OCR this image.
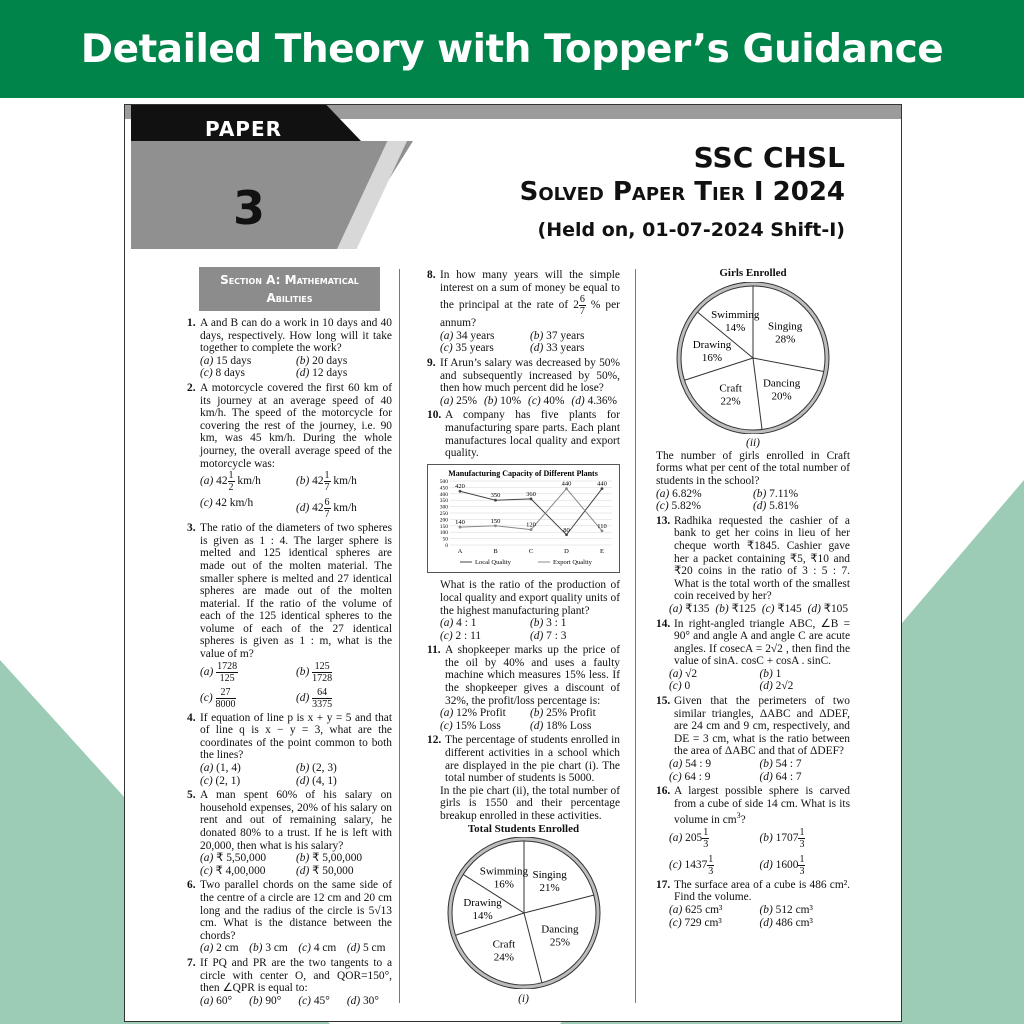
Detailed Theory with Topper’s Guidance
PAPER
3
SSC CHSL
Solved Paper Tier I 2024
(Held on, 01-07-2024 Shift-I)
Section A: Mathematical Abilities
1. A and B can do a work in 10 days and 40 days, respectively. How long will it take together to complete the work?
(a) 15 days	(b) 20 days
(c) 8 days	(d) 12 days
2. A motorcycle covered the first 60 km of its journey at an average speed of 40 km/h. The speed of the motorcycle for covering the rest of the journey, i.e. 90 km, was 45 km/h. During the whole journey, the overall average speed of the motorcycle was:
(a) $42 \frac{1}{2} km/h$	(b) $42 \frac{1}{7} km/h$
(c) 42 km/h	(d) $42 \frac{6}{7} km/h$
3. The ratio of the diameters of two spheres is given as 1 : 4. The larger sphere is melted and 125 identical spheres are made out of the molten material. The smaller sphere is melted and 27 identical spheres are made out of the molten material. If the ratio of the volume of each of the 125 identical spheres to the volume of each of the 27 identical spheres is given as 1 : m, what is the value of m?
$(a) \frac{1728}{125}$	$(b) \frac{125}{1728}$
$(c) \frac{27}{8000}$	$(d) \frac{64}{3375}$
4. If equation of line p is x + y = 5 and that of line q is x − y = 3, what are the coordinates of the point common to both the lines?
(a) (1, 4)	(b) (2, 3)
(c) (2, 1)	(d) (4, 1)
5. A man spent 60% of his salary on household expenses, 20% of his salary on rent and out of remaining salary, he donated 80% to a trust. If he is left with 20,000, then what is his salary?
(a) ₹ 5,50,000	(b) ₹ 5,00,000
(c) ₹ 4,00,000	(d) ₹ 50,000
6. Two parallel chords on the same side of the centre of a circle are 12 cm and 20 cm long and the radius of the circle is 5√13 cm. What is the distance between the chords?
(a) 2 cm (b) 3 cm (c) 4 cm (d) 5 cm
7. If PQ and PR are the two tangents to a circle with center O, and QOR=150°, then ∠QPR is equal to:
(a) 60°	(b) 90°	(c) 45°	(d) 30°
8. In how many years will the simple interest on a sum of money be equal to the principal at the rate of $2 \frac{6}{7}$ % per annum?
(a) 34 years	(b) 37 years
(c) 35 years	(d) 33 years
9. If Arun’s salary was decreased by 50% and subsequently increased by 50%, then how much percent did he lose?
(a) 25% (b) 10% (c) 40% (d) 4.36%
10. A company has five plants for manufacturing spare parts. Each plant manufactures local quality and export quality.
Manufacturing Capacity of Different Plants
500
450
400
350
300
250
200
150
100
50
0
A	B	C	D	E
420
350	360
80
440
140	150
120
440
110
Local Quality	Export Quality
What is the ratio of the production of local quality and export quality units of the highest manufacturing plant?
(a) 4 : 1	(b) 3 : 1
(c) 2 : 11	(d) 7 : 3
11. A shopkeeper marks up the price of the oil by 40% and uses a faulty machine which measures 15% less. If the shopkeeper gives a discount of 32%, the profit/loss percentage is:
(a) 12% Profit	(b) 25% Profit
(c) 15% Loss	(d) 18% Loss
12. The percentage of students enrolled in different activities in a school which are displayed in the pie chart (i). The total number of students is 5000.
In the pie chart (ii), the total number of girls is 1550 and their percentage breakup enrolled in these activities.
Total Students Enrolled
Singing
21%
Dancing
25%
Craft
24%
Drawing
14%
Swimming
16%
(i)
Girls Enrolled
Singing
28%
Dancing
20%
Craft
22%
Drawing
16%
Swimming
14%
(ii)
The number of girls enrolled in Craft forms what per cent of the total number of students in the school?
(a) 6.82%	(b) 7.11%
(c) 5.82%	(d) 5.81%
13. Radhika requested the cashier of a bank to get her coins in lieu of her cheque worth ₹1845. Cashier gave her a packet containing ₹5, ₹10 and ₹20 coins in the ratio of 3 : 5 : 7. What is the total worth of the smallest coin received by her?
(a) ₹135 (b) ₹125 (c) ₹145 (d) ₹105
14. In right-angled triangle ABC, ∠B = 90° and angle A and angle C are acute angles. If cosecA = 2√2 , then find the value of sinA. cosC + cosA . sinC.
(a) √2	(b) 1
(c) 0	(d) 2√2
15. Given that the perimeters of two similar triangles, ΔABC and ΔDEF, are 24 cm and 9 cm, respectively, and DE = 3 cm, what is the ratio between the area of ΔABC and that of ΔDEF?
(a) 54 : 9	(b) 54 : 7
(c) 64 : 9	(d) 64 : 7
16. A largest possible sphere is carved from a cube of side 14 cm. What is its volume in $cm^3$?
(a) $205 \frac{1}{3}$	(b) $1707 \frac{1}{3}$
(c) $1437 \frac{1}{3}$	(d) $1600 \frac{1}{3}$
17. The surface area of a cube is 486 cm². Find the volume.
(a) 625 cm³	(b) 512 cm³
(c) 729 cm³	(d) 486 cm³
